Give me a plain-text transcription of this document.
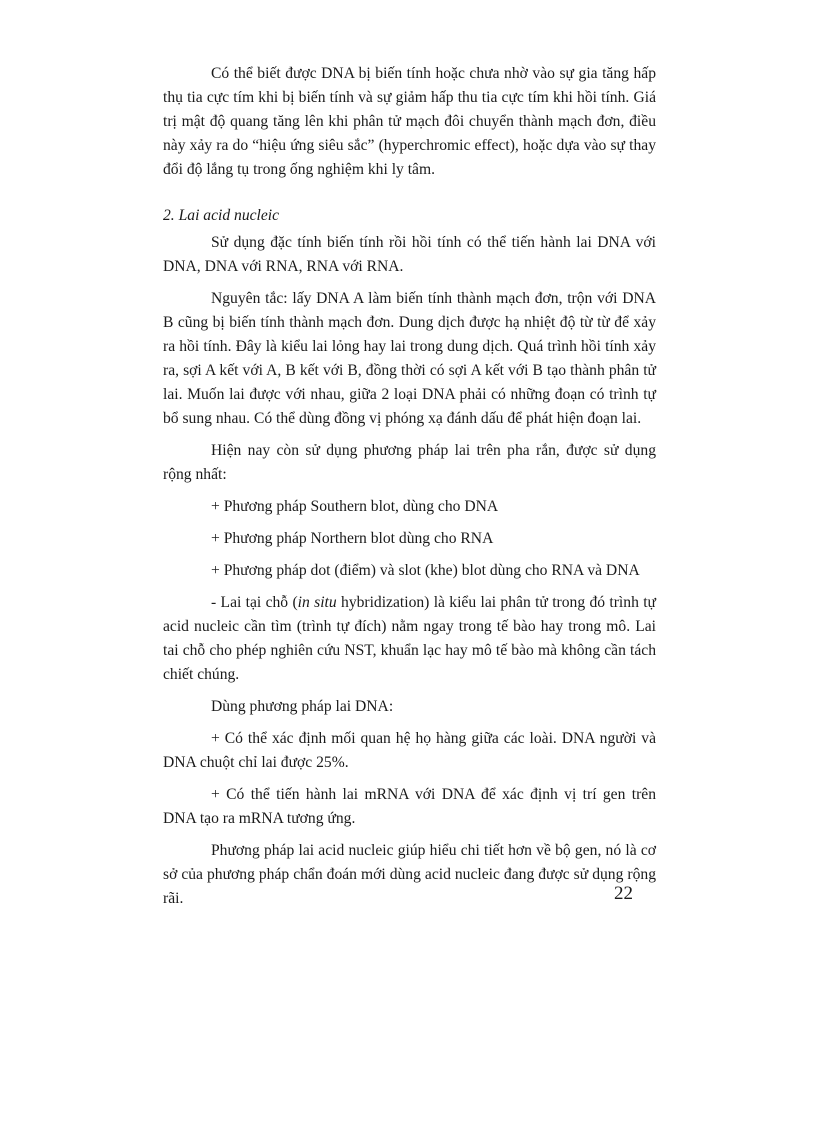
Có thể biết được DNA bị biến tính hoặc chưa nhờ vào sự gia tăng hấp thụ tia cực tím khi bị biến tính và sự giảm hấp thu tia cực tím khi hồi tính. Giá trị mật độ quang tăng lên khi phân tử mạch đôi chuyển thành mạch đơn, điều này xảy ra do “hiệu ứng siêu sắc” (hyperchromic effect), hoặc dựa vào sự thay đổi độ lắng tụ trong ống nghiệm khi ly tâm.

2. Lai acid nucleic

Sử dụng đặc tính biến tính rồi hồi tính có thể tiến hành lai DNA với DNA, DNA với RNA, RNA với RNA.

Nguyên tắc: lấy DNA A làm biến tính thành mạch đơn, trộn với DNA B cũng bị biến tính thành mạch đơn. Dung dịch được hạ nhiệt độ từ từ để xảy ra hồi tính. Đây là kiểu lai lỏng hay lai trong dung dịch. Quá trình hồi tính xảy ra, sợi A kết với A, B kết với B, đồng thời có sợi A kết với B tạo thành phân tử lai. Muốn lai được với nhau, giữa 2 loại DNA phải có những đoạn có trình tự bổ sung nhau. Có thể dùng đồng vị phóng xạ đánh dấu để phát hiện đoạn lai.

Hiện nay còn sử dụng phương pháp lai trên pha rắn, được sử dụng rộng nhất:

+ Phương pháp Southern blot, dùng cho DNA

+ Phương pháp Northern blot dùng cho RNA

+ Phương pháp dot (điểm) và slot (khe) blot dùng cho RNA và DNA

- Lai tại chỗ (in situ hybridization) là kiểu lai phân tử trong đó trình tự acid nucleic cần tìm (trình tự đích) nằm ngay trong tế bào hay trong mô. Lai tai chỗ cho phép nghiên cứu NST, khuẩn lạc hay mô tế bào mà không cần tách chiết chúng.

Dùng phương pháp lai DNA:

+ Có thể xác định mối quan hệ họ hàng giữa các loài. DNA người và DNA chuột chỉ lai được 25%.

+ Có thể tiến hành lai mRNA với DNA để xác định vị trí gen trên DNA tạo ra mRNA tương ứng.

Phương pháp lai acid nucleic giúp hiểu chi tiết hơn về bộ gen, nó là cơ sở của phương pháp chẩn đoán mới dùng acid nucleic đang được sử dụng rộng rãi.	22
